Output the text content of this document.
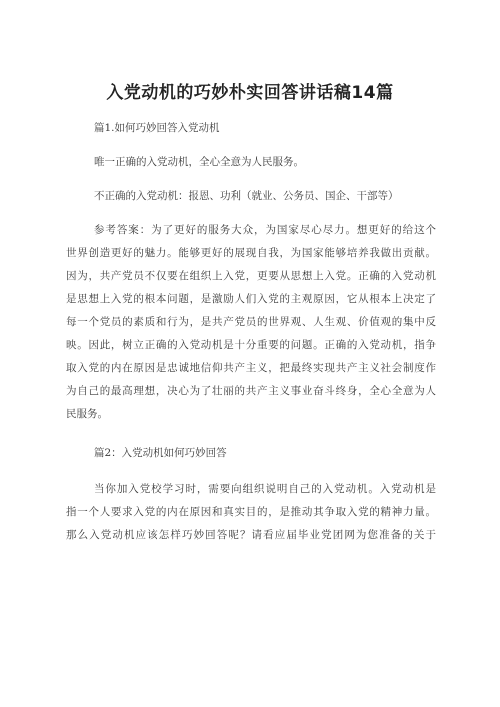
入党动机的巧妙朴实回答讲话稿14篇
篇1.如何巧妙回答入党动机
唯一正确的入党动机，全心全意为人民服务。
不正确的入党动机：报恩、功利（就业、公务员、国企、干部等）
参考答案：为了更好的服务大众，为国家尽心尽力。想更好的给这个
世界创造更好的魅力。能够更好的展现自我，为国家能够培养我做出贡献。
因为，共产党员不仅要在组织上入党，更要从思想上入党。正确的入党动机
是思想上入党的根本问题，是激励人们入党的主观原因，它从根本上决定了
每一个党员的素质和行为，是共产党员的世界观、人生观、价值观的集中反
映。因此，树立正确的入党动机是十分重要的问题。正确的入党动机，指争
取入党的内在原因是忠诚地信仰共产主义，把最终实现共产主义社会制度作
为自己的最高理想，决心为了壮丽的共产主义事业奋斗终身，全心全意为人
民服务。
篇2：入党动机如何巧妙回答
当你加入党校学习时，需要向组织说明自己的入党动机。入党动机是
指一个人要求入党的内在原因和真实目的，是推动其争取入党的精神力量。
那么入党动机应该怎样巧妙回答呢？请看应届毕业党团网为您准备的关于
